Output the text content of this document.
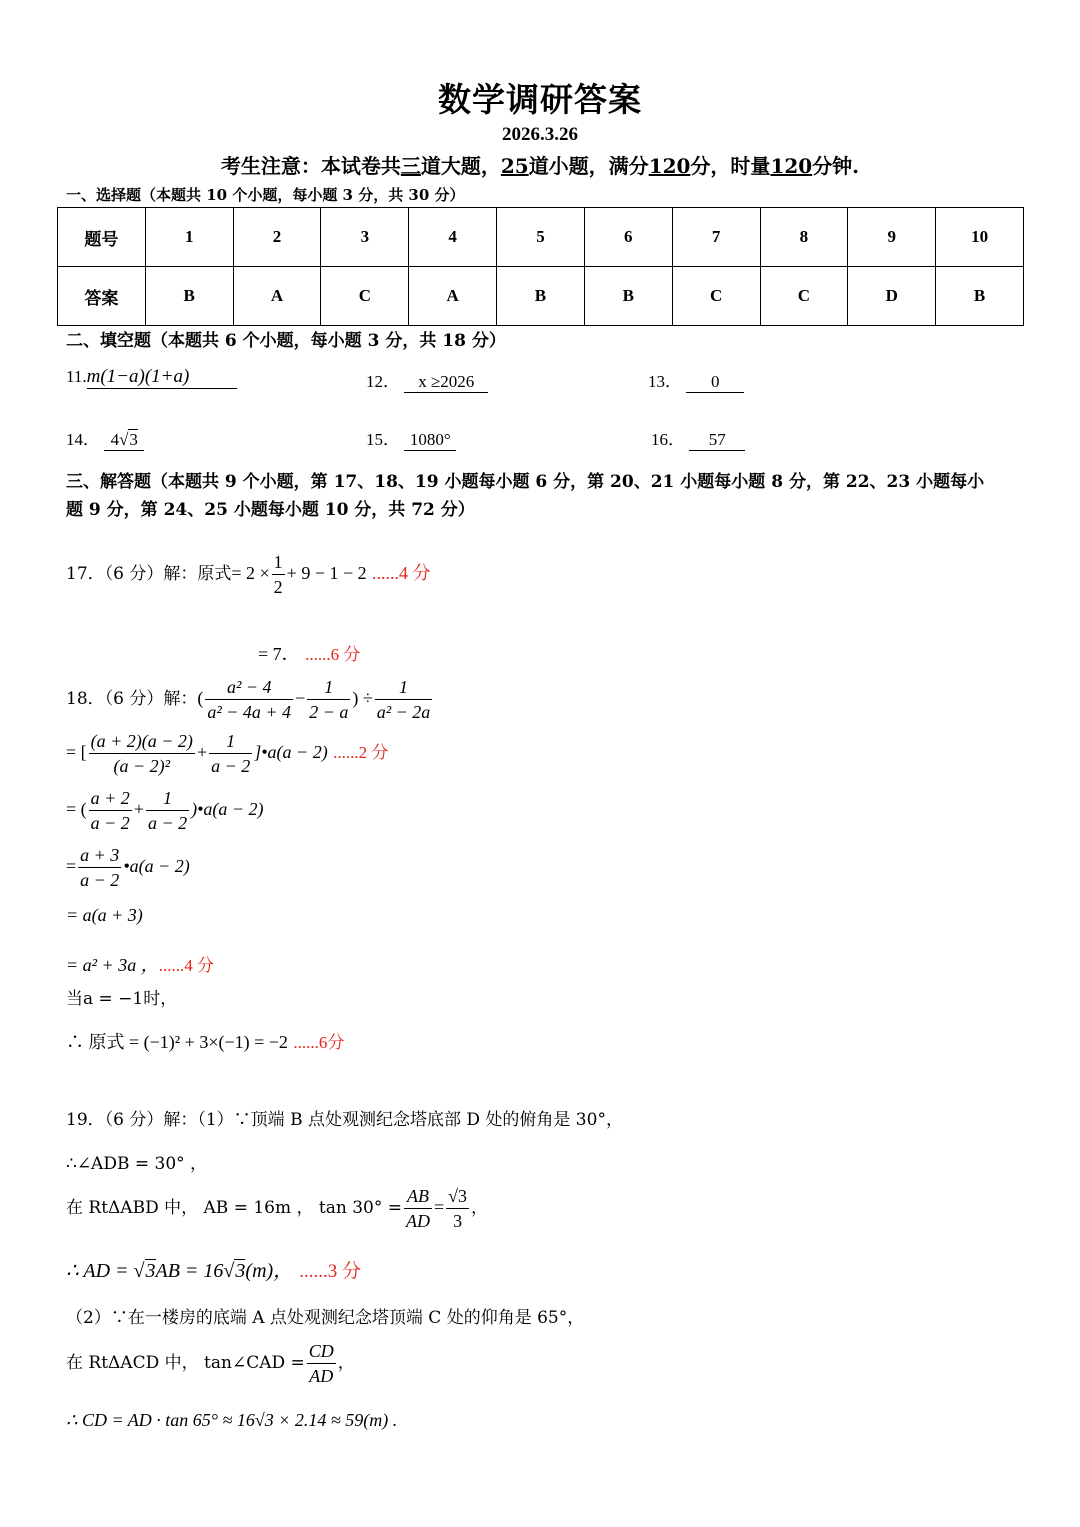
数学调研答案
2026.3.26
考生注意：本试卷共三道大题，25道小题，满分120分，时量120分钟.
一、选择题（本题共 10 个小题，每小题 3 分，共 30 分）
题号	1	2	3	4	5	6	7	8	9	10
答案	B	A	C	A	B	B	C	C	D	B
二、填空题（本题共 6 个小题，每小题 3 分，共 18 分）
11.m(1−a)(1+a)	12． x ≥2026	13． 0
14． 4√3	15． 1080°	16． 57
三、解答题（本题共 9 个小题，第 17、18、19 小题每小题 6 分，第 20、21 小题每小题 8 分，第 22、23 小题每小
题 9 分，第 24、25 小题每小题 10 分，共 72 分）
17．（6 分）解：原式= $2 \times \frac{1}{2} + 9 - 1 - 2$ ......4 分
= 7． ......6 分
18．（6 分）解：( $\frac{\text{a² − 4}}{\text{a² − 4a + 4}} - \frac{1}{2 - a}$ ) ÷ $\frac{1}{\text{a² − 2a}}$
= [ $\frac{(a + 2)(a - 2)}{\text{(a − 2)²}} + \frac{1}{a - 2}$ ]•a(a − 2) ......2 分
= ( $\frac{a + 2}{a - 2} + \frac{1}{a - 2}$ )•a(a − 2)
= $\frac{a + 3}{a - 2}$ •a(a − 2)
= a(a + 3)
= a² + 3a ，......4 分
当a = −1时，
∴ 原式 = (−1)² + 3×(−1) = −2 ......6分
19．（6 分）解：（1）∵顶端 B 点处观测纪念塔底部 D 处的俯角是 30°，
∴∠ADB = 30° ，
在 RtΔABD 中， AB = 16m ， $\tan 30^\circ = \frac{AB}{AD} = \frac{√3}{3}$ ，
∴ AD = √3AB = 16√3(m)， ......3 分
（2）∵在一楼房的底端 A 点处观测纪念塔顶端 C 处的仰角是 65°，
在 RtΔACD 中， tan∠CAD = $\frac{CD}{AD}$ ，
∴ CD = AD · tan 65° ≈ 16√3 × 2.14 ≈ 59(m) .
